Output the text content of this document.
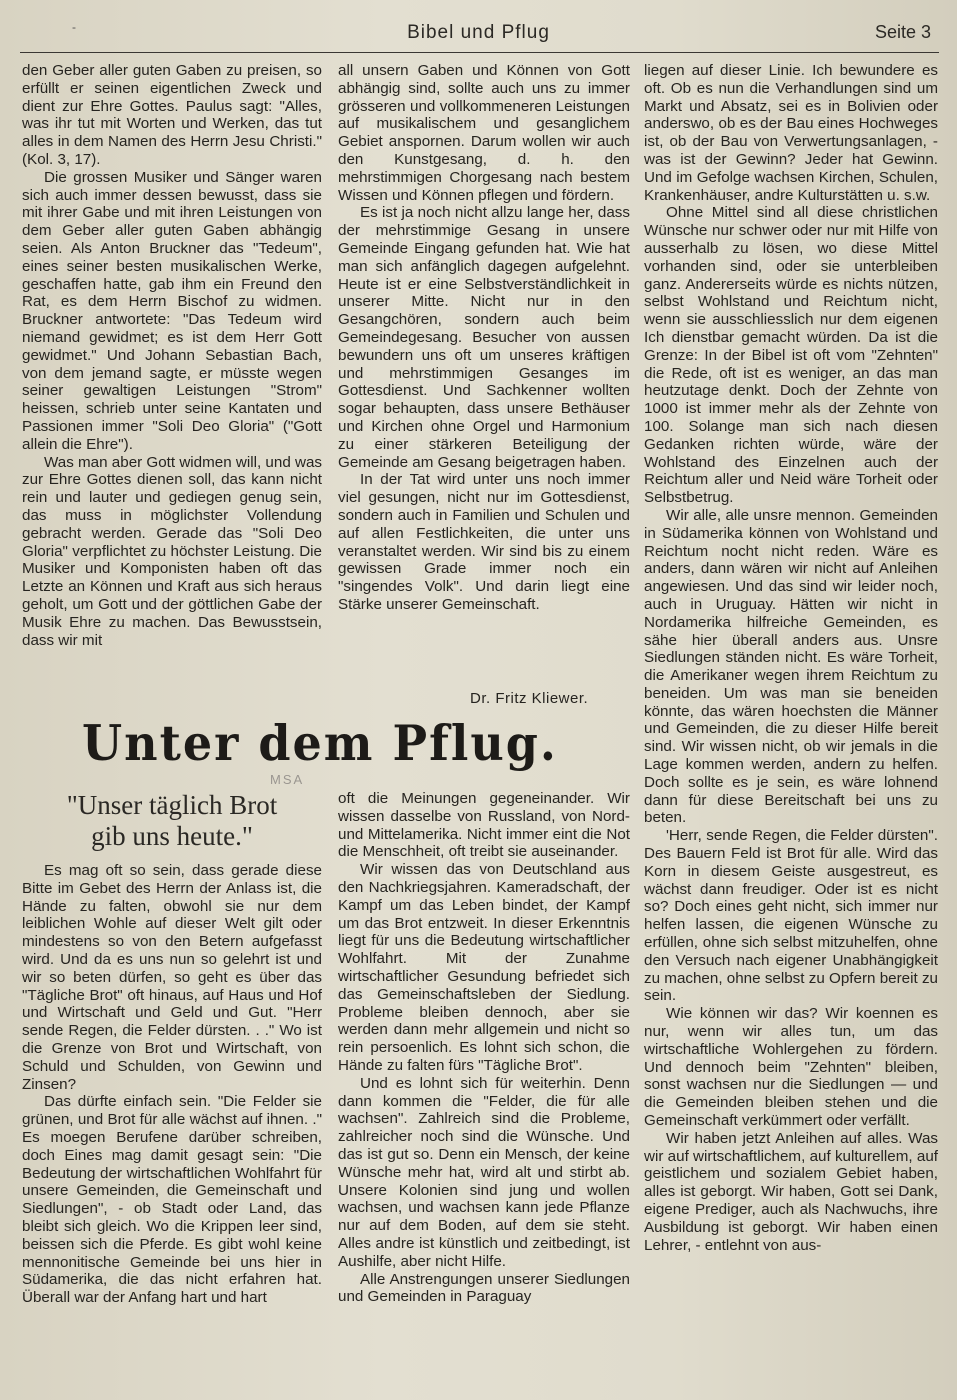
-	Bibel und Pflug	Seite 3

den Geber aller guten Gaben zu preisen, so erfüllt er seinen eigentlichen Zweck und dient zur Ehre Gottes. Paulus sagt: "Alles, was ihr tut mit Worten und Werken, das tut alles in dem Namen des Herrn Jesu Christi." (Kol. 3, 17).

Die grossen Musiker und Sänger waren sich auch immer dessen bewusst, dass sie mit ihrer Gabe und mit ihren Leistungen von dem Geber aller guten Gaben abhängig seien. Als Anton Bruckner das "Tedeum", eines seiner besten musikalischen Werke, geschaffen hatte, gab ihm ein Freund den Rat, es dem Herrn Bischof zu widmen. Bruckner antwortete: "Das Tedeum wird niemand gewidmet; es ist dem Herr Gott gewidmet." Und Johann Sebastian Bach, von dem jemand sagte, er müsste wegen seiner gewaltigen Leistungen "Strom" heissen, schrieb unter seine Kantaten und Passionen immer "Soli Deo Gloria" ("Gott allein die Ehre").

Was man aber Gott widmen will, und was zur Ehre Gottes dienen soll, das kann nicht rein und lauter und gediegen genug sein, das muss in möglichster Vollendung gebracht werden. Gerade das "Soli Deo Gloria" verpflichtet zu höchster Leistung. Die Musiker und Komponisten haben oft das Letzte an Können und Kraft aus sich heraus geholt, um Gott und der göttlichen Gabe der Musik Ehre zu machen. Das Bewusstsein, dass wir mit

all unsern Gaben und Können von Gott abhängig sind, sollte auch uns zu immer grösseren und vollkommeneren Leistungen auf musikalischem und gesanglichem Gebiet anspornen. Darum wollen wir auch den Kunstgesang, d. h. den mehrstimmigen Chorgesang nach bestem Wissen und Können pflegen und fördern.

Es ist ja noch nicht allzu lange her, dass der mehrstimmige Gesang in unsere Gemeinde Eingang gefunden hat. Wie hat man sich anfänglich dagegen aufgelehnt. Heute ist er eine Selbstverständlichkeit in unserer Mitte. Nicht nur in den Gesangchören, sondern auch beim Gemeindegesang. Besucher von aussen bewundern uns oft um unseres kräftigen und mehrstimmigen Gesanges im Gottesdienst. Und Sachkenner wollten sogar behaupten, dass unsere Bethäuser und Kirchen ohne Orgel und Harmonium zu einer stärkeren Beteiligung der Gemeinde am Gesang beigetragen haben.

In der Tat wird unter uns noch immer viel gesungen, nicht nur im Gottesdienst, sondern auch in Familien und Schulen und auf allen Festlichkeiten, die unter uns veranstaltet werden. Wir sind bis zu einem gewissen Grade immer noch ein "singendes Volk". Und darin liegt eine Stärke unserer Gemeinschaft.

Dr. Fritz Kliewer.

liegen auf dieser Linie. Ich bewundere es oft. Ob es nun die Verhandlungen sind um Markt und Absatz, sei es in Bolivien oder anderswo, ob es der Bau eines Hochweges ist, ob der Bau von Verwertungsanlagen, - was ist der Gewinn? Jeder hat Gewinn. Und im Gefolge wachsen Kirchen, Schulen, Krankenhäuser, andre Kulturstätten u. s.w.

Ohne Mittel sind all diese christlichen Wünsche nur schwer oder nur mit Hilfe von ausserhalb zu lösen, wo diese Mittel vorhanden sind, oder sie unterbleiben ganz. Andererseits würde es nichts nützen, selbst Wohlstand und Reichtum nicht, wenn sie ausschliesslich nur dem eigenen Ich dienstbar gemacht würden. Da ist die Grenze: In der Bibel ist oft vom "Zehnten" die Rede, oft ist es weniger, an das man heutzutage denkt. Doch der Zehnte von 1000 ist immer mehr als der Zehnte von 100. Solange man sich nach diesen Gedanken richten würde, wäre der Wohlstand des Einzelnen auch der Reichtum aller und Neid wäre Torheit oder Selbstbetrug.

Wir alle, alle unsre mennon. Gemeinden in Südamerika können von Wohlstand und Reichtum nocht nicht reden. Wäre es anders, dann wären wir nicht auf Anleihen angewiesen. Und das sind wir leider noch, auch in Uruguay. Hätten wir nicht in Nordamerika hilfreiche Gemeinden, es sähe hier überall anders aus. Unsre Siedlungen ständen nicht. Es wäre Torheit, die Amerikaner wegen ihrem Reichtum zu beneiden. Um was man sie beneiden könnte, das wären hoechsten die Männer und Gemeinden, die zu dieser Hilfe bereit sind. Wir wissen nicht, ob wir jemals in die Lage kommen werden, andern zu helfen. Doch sollte es je sein, es wäre lohnend dann für diese Bereitschaft bei uns zu beten.

'Herr, sende Regen, die Felder dürsten". Des Bauern Feld ist Brot für alle. Wird das Korn in diesem Geiste ausgestreut, es wächst dann freudiger. Oder ist es nicht so? Doch eines geht nicht, sich immer nur helfen lassen, die eigenen Wünsche zu erfüllen, ohne sich selbst mitzuhelfen, ohne den Versuch nach eigener Unabhängigkeit zu machen, ohne selbst zu Opfern bereit zu sein.

Wie können wir das? Wir koennen es nur, wenn wir alles tun, um das wirtschaftliche Wohlergehen zu fördern. Und dennoch beim "Zehnten" bleiben, sonst wachsen nur die Siedlungen — und die Gemeinden bleiben stehen und die Gemeinschaft verkümmert oder verfällt.

Wir haben jetzt Anleihen auf alles. Was wir auf wirtschaftlichem, auf kulturellem, auf geistlichem und sozialem Gebiet haben, alles ist geborgt. Wir haben, Gott sei Dank, eigene Prediger, auch als Nachwuchs, ihre Ausbildung ist geborgt. Wir haben einen Lehrer, - entlehnt von aus-

Unter dem Pflug.
MSA
"Unser täglich Brot
gib uns heute."

Es mag oft so sein, dass gerade diese Bitte im Gebet des Herrn der Anlass ist, die Hände zu falten, obwohl sie nur dem leiblichen Wohle auf dieser Welt gilt oder mindestens so von den Betern aufgefasst wird. Und da es uns nun so gelehrt ist und wir so beten dürfen, so geht es über das "Tägliche Brot" oft hinaus, auf Haus und Hof und Wirtschaft und Geld und Gut. "Herr sende Regen, die Felder dürsten. . ." Wo ist die Grenze von Brot und Wirtschaft, von Schuld und Schulden, von Gewinn und Zinsen?

Das dürfte einfach sein. "Die Felder sie grünen, und Brot für alle wächst auf ihnen. ." Es moegen Berufene darüber schreiben, doch Eines mag damit gesagt sein: "Die Bedeutung der wirtschaftlichen Wohlfahrt für unsere Gemeinden, die Gemeinschaft und Siedlungen", - ob Stadt oder Land, das bleibt sich gleich. Wo die Krippen leer sind, beissen sich die Pferde. Es gibt wohl keine mennonitische Gemeinde bei uns hier in Südamerika, die das nicht erfahren hat. Überall war der Anfang hart und hart

oft die Meinungen gegeneinander. Wir wissen dasselbe von Russland, von Nord- und Mittelamerika. Nicht immer eint die Not die Menschheit, oft treibt sie auseinander.

Wir wissen das von Deutschland aus den Nachkriegsjahren. Kameradschaft, der Kampf um das Leben bindet, der Kampf um das Brot entzweit. In dieser Erkenntnis liegt für uns die Bedeutung wirtschaftlicher Wohlfahrt. Mit der Zunahme wirtschaftlicher Gesundung befriedet sich das Gemeinschaftsleben der Siedlung. Probleme bleiben dennoch, aber sie werden dann mehr allgemein und nicht so rein persoenlich. Es lohnt sich schon, die Hände zu falten fürs "Tägliche Brot".

Und es lohnt sich für weiterhin. Denn dann kommen die "Felder, die für alle wachsen". Zahlreich sind die Probleme, zahlreicher noch sind die Wünsche. Und das ist gut so. Denn ein Mensch, der keine Wünsche mehr hat, wird alt und stirbt ab. Unsere Kolonien sind jung und wollen wachsen, und wachsen kann jede Pflanze nur auf dem Boden, auf dem sie steht. Alles andre ist künstlich und zeitbedingt, ist Aushilfe, aber nicht Hilfe.

Alle Anstrengungen unserer Siedlungen und Gemeinden in Paraguay
